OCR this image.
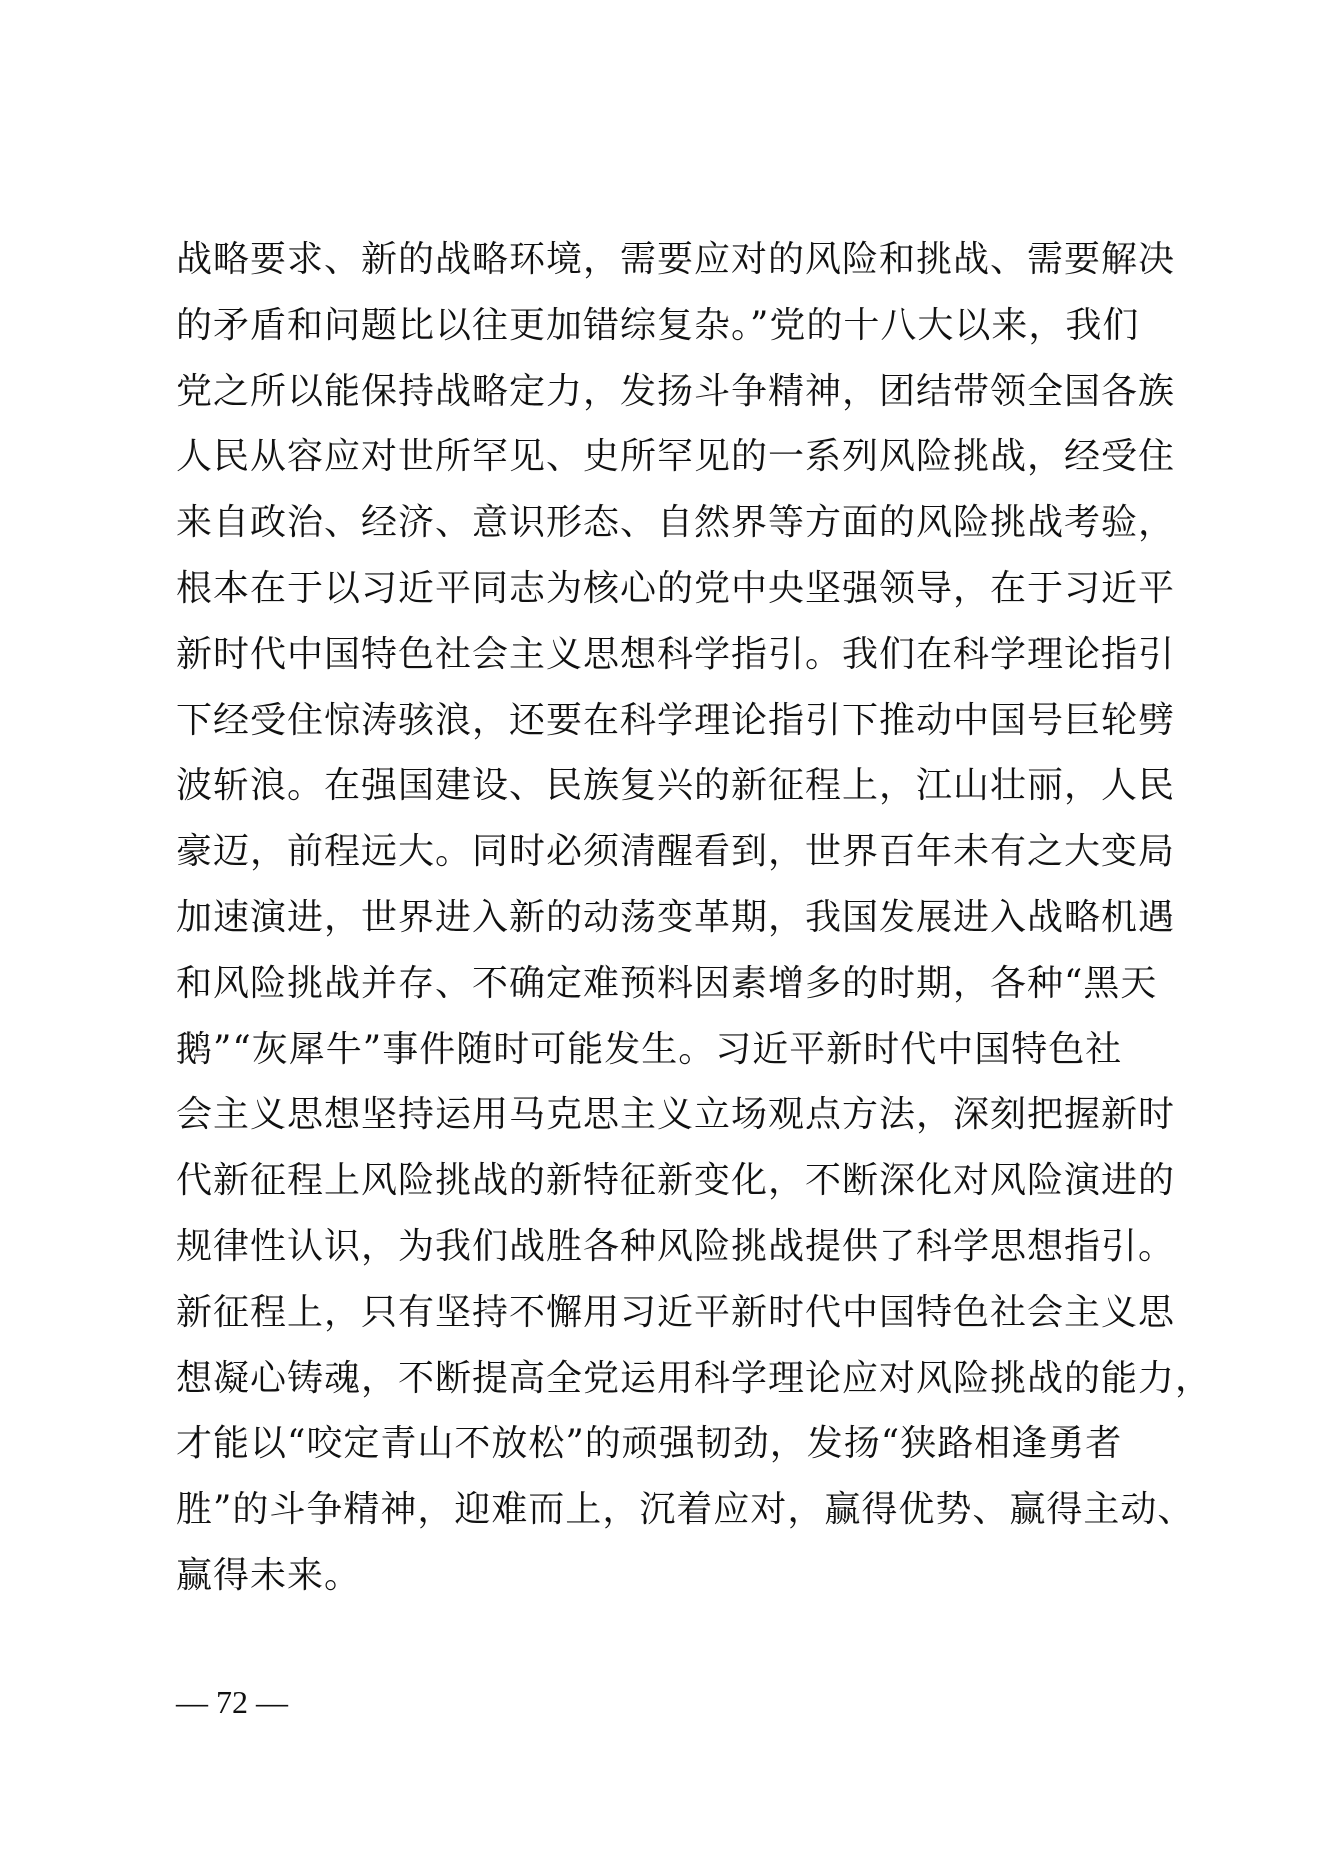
战略要求、新的战略环境，需要应对的风险和挑战、需要解决
的矛盾和问题比以往更加错综复杂。”党的十八大以来，我们
党之所以能保持战略定力，发扬斗争精神，团结带领全国各族
人民从容应对世所罕见、史所罕见的一系列风险挑战，经受住
来自政治、经济、意识形态、自然界等方面的风险挑战考验，
根本在于以习近平同志为核心的党中央坚强领导，在于习近平
新时代中国特色社会主义思想科学指引。我们在科学理论指引
下经受住惊涛骇浪，还要在科学理论指引下推动中国号巨轮劈
波斩浪。在强国建设、民族复兴的新征程上，江山壮丽，人民
豪迈，前程远大。同时必须清醒看到，世界百年未有之大变局
加速演进，世界进入新的动荡变革期，我国发展进入战略机遇
和风险挑战并存、不确定难预料因素增多的时期，各种“黑天
鹅”“灰犀牛”事件随时可能发生。习近平新时代中国特色社
会主义思想坚持运用马克思主义立场观点方法，深刻把握新时
代新征程上风险挑战的新特征新变化，不断深化对风险演进的
规律性认识，为我们战胜各种风险挑战提供了科学思想指引。
新征程上，只有坚持不懈用习近平新时代中国特色社会主义思
想凝心铸魂，不断提高全党运用科学理论应对风险挑战的能力，
才能以“咬定青山不放松”的顽强韧劲，发扬“狭路相逢勇者
胜”的斗争精神，迎难而上，沉着应对，赢得优势、赢得主动、
赢得未来。
— 72 —
